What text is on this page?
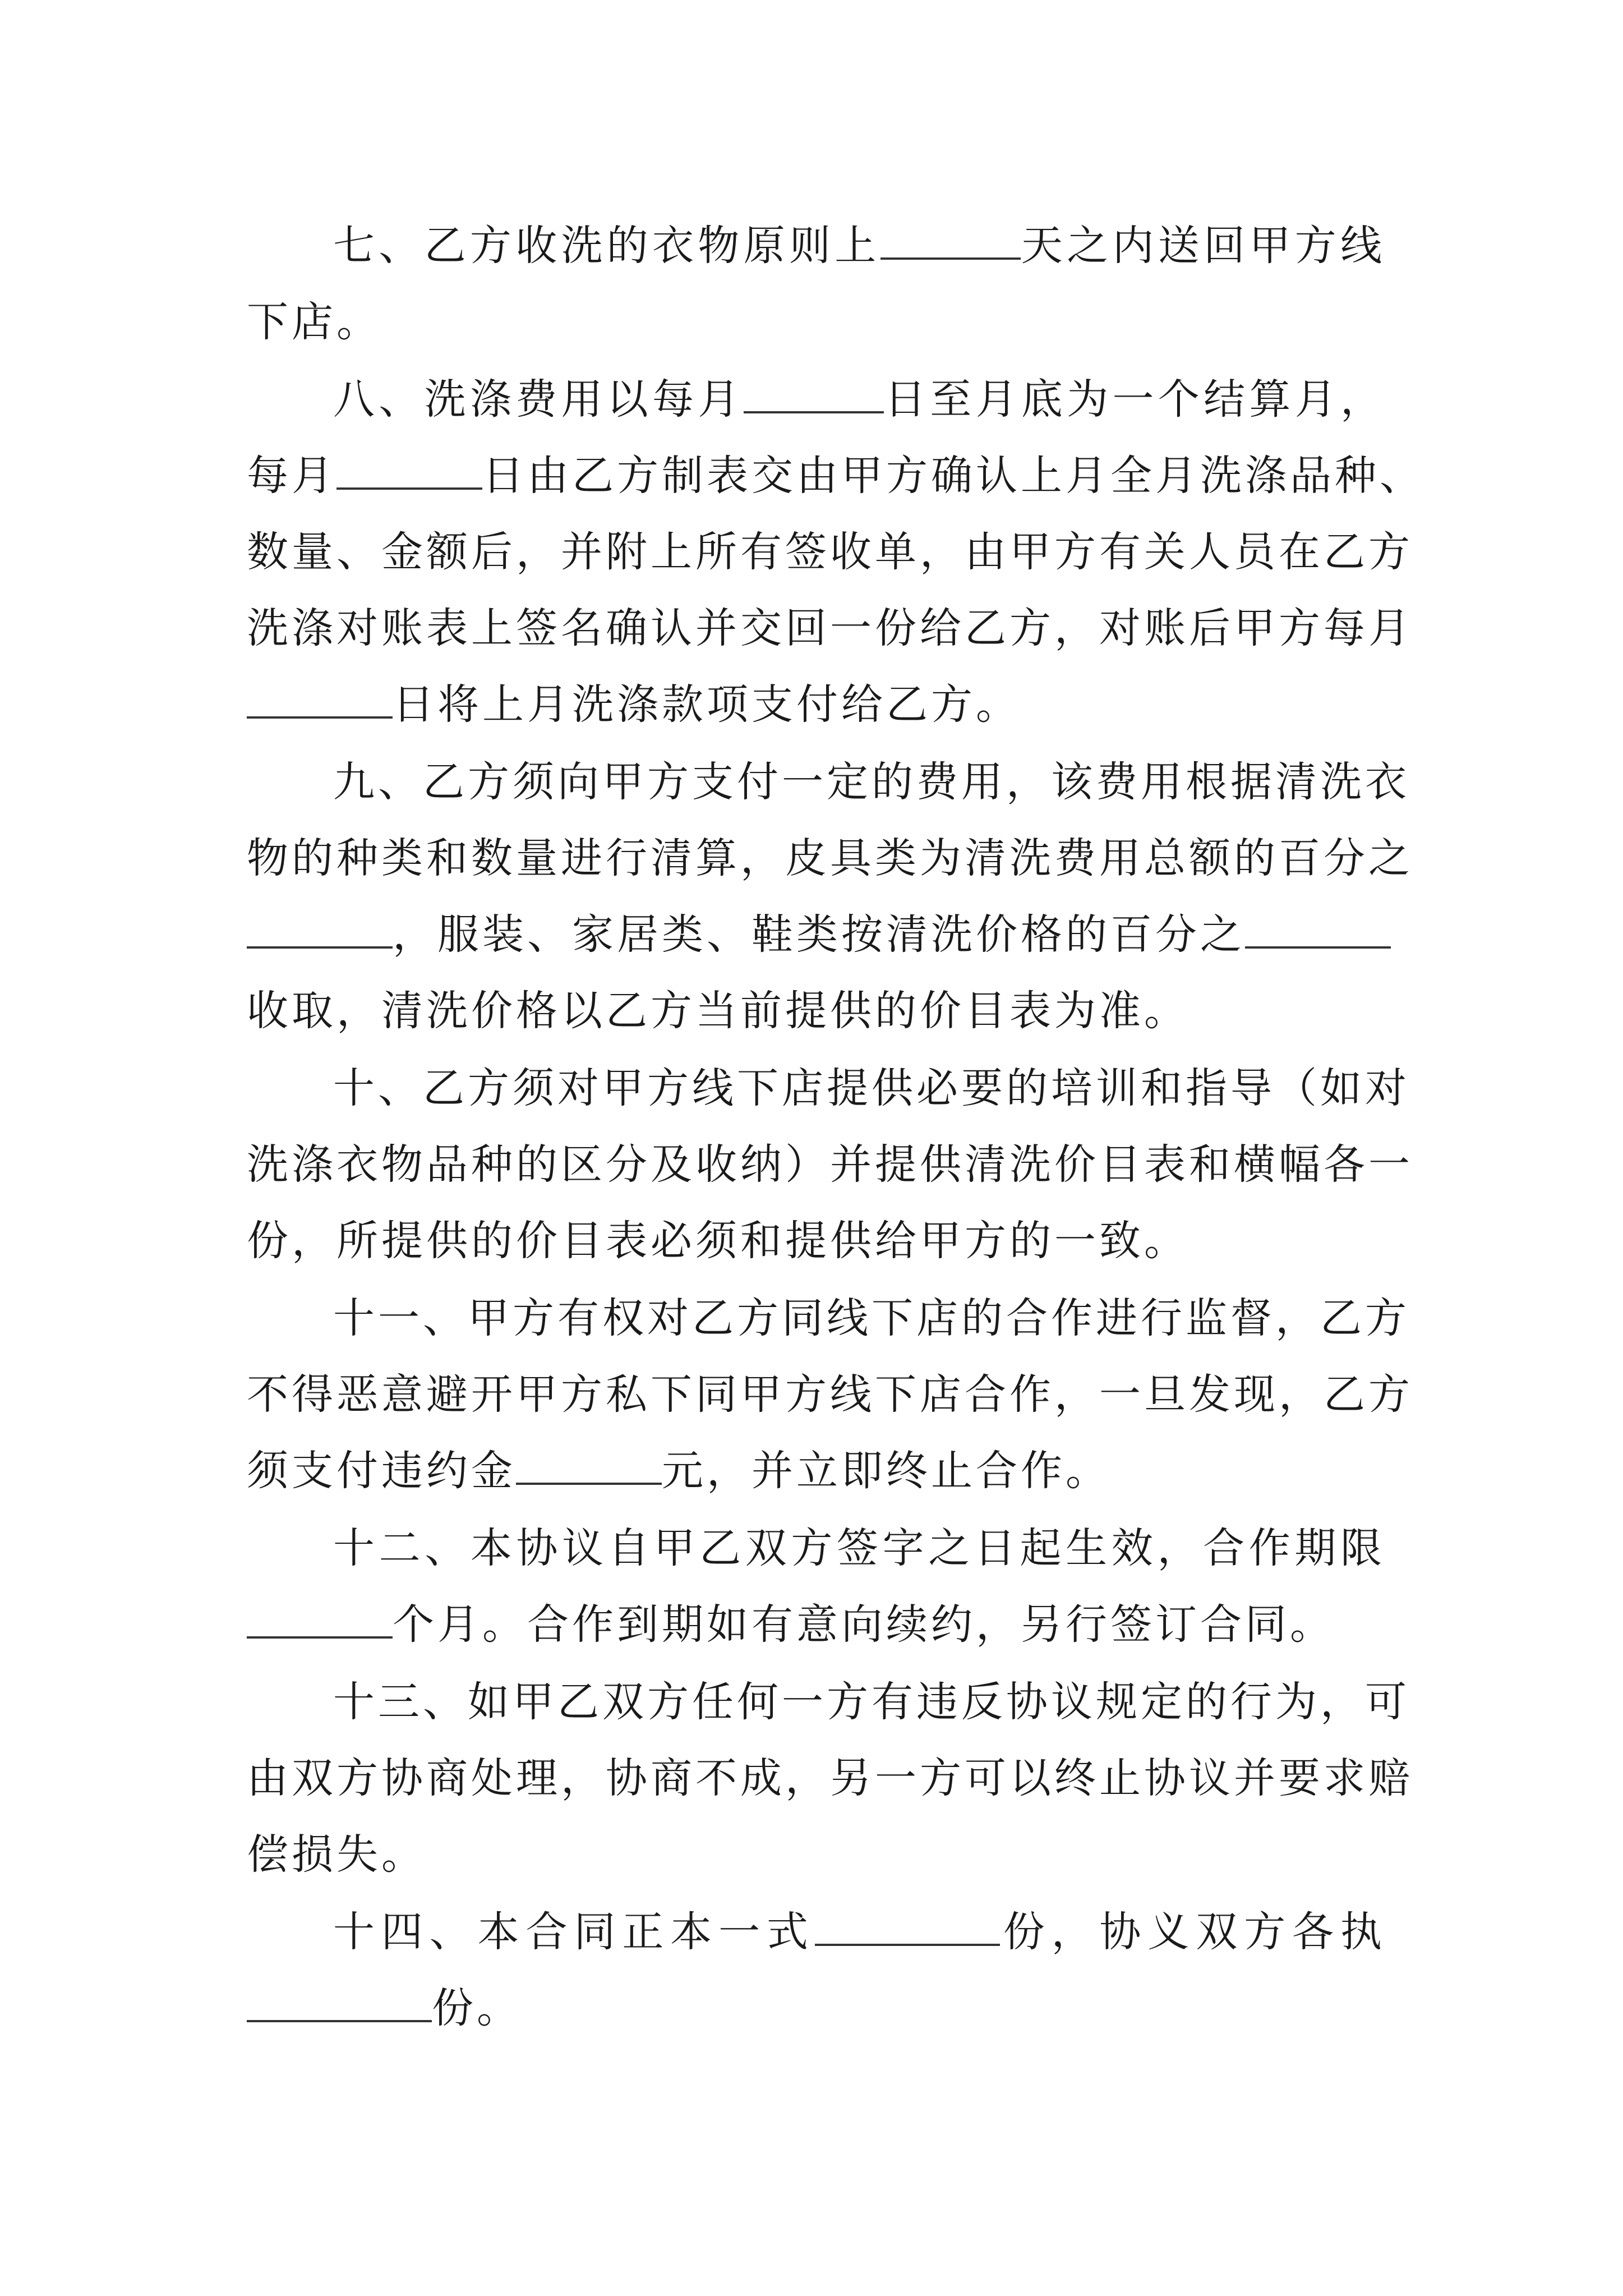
七、乙方收洗的衣物原则上	天之内送回甲方线
下店。
八、洗涤费用以每月	日至月底为一个结算月，
每月	日由乙方制表交由甲方确认上月全月洗涤品种、
数量、金额后，并附上所有签收单，由甲方有关人员在乙方
洗涤对账表上签名确认并交回一份给乙方，对账后甲方每月
日将上月洗涤款项支付给乙方。
九、乙方须向甲方支付一定的费用，该费用根据清洗衣
物的种类和数量进行清算，皮具类为清洗费用总额的百分之
，服装、家居类、鞋类按清洗价格的百分之
收取，清洗价格以乙方当前提供的价目表为准。
十、乙方须对甲方线下店提供必要的培训和指导（如对
洗涤衣物品种的区分及收纳）并提供清洗价目表和横幅各一
份，所提供的价目表必须和提供给甲方的一致。
十一、甲方有权对乙方同线下店的合作进行监督，乙方
不得恶意避开甲方私下同甲方线下店合作，一旦发现，乙方
须支付违约金	元，并立即终止合作。
十二、本协议自甲乙双方签字之日起生效，合作期限
个月。合作到期如有意向续约，另行签订合同。
十三、如甲乙双方任何一方有违反协议规定的行为，可
由双方协商处理，协商不成，另一方可以终止协议并要求赔
偿损失。
十四、本合同正本一式	份，协义双方各执
份。
